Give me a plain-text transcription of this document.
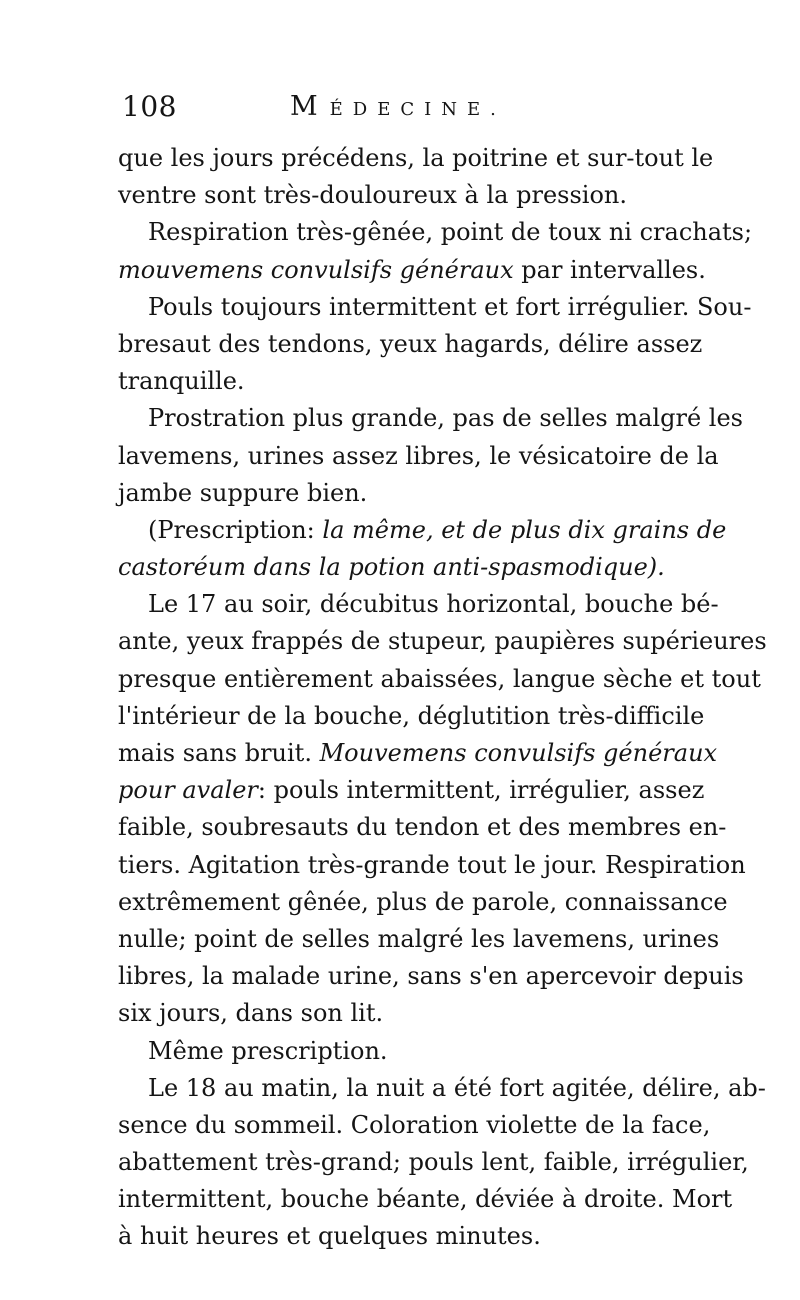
108	MÉDECINE.
que les jours précédens, la poitrine et sur-tout le
ventre sont très-douloureux à la pression.
Respiration très-gênée, point de toux ni crachats;
mouvemens convulsifs généraux par intervalles.
Pouls toujours intermittent et fort irrégulier. Sou-
bresaut des tendons, yeux hagards, délire assez
tranquille.
Prostration plus grande, pas de selles malgré les
lavemens, urines assez libres, le vésicatoire de la
jambe suppure bien.
(Prescription: la même, et de plus dix grains de
castoréum dans la potion anti-spasmodique).
Le 17 au soir, décubitus horizontal, bouche bé-
ante, yeux frappés de stupeur, paupières supérieures
presque entièrement abaissées, langue sèche et tout
l'intérieur de la bouche, déglutition très-difficile
mais sans bruit. Mouvemens convulsifs généraux
pour avaler: pouls intermittent, irrégulier, assez
faible, soubresauts du tendon et des membres en-
tiers. Agitation très-grande tout le jour. Respiration
extrêmement gênée, plus de parole, connaissance
nulle; point de selles malgré les lavemens, urines
libres, la malade urine, sans s'en apercevoir depuis
six jours, dans son lit.
Même prescription.
Le 18 au matin, la nuit a été fort agitée, délire, ab-
sence du sommeil. Coloration violette de la face,
abattement très-grand; pouls lent, faible, irrégulier,
intermittent, bouche béante, déviée à droite. Mort
à huit heures et quelques minutes.
